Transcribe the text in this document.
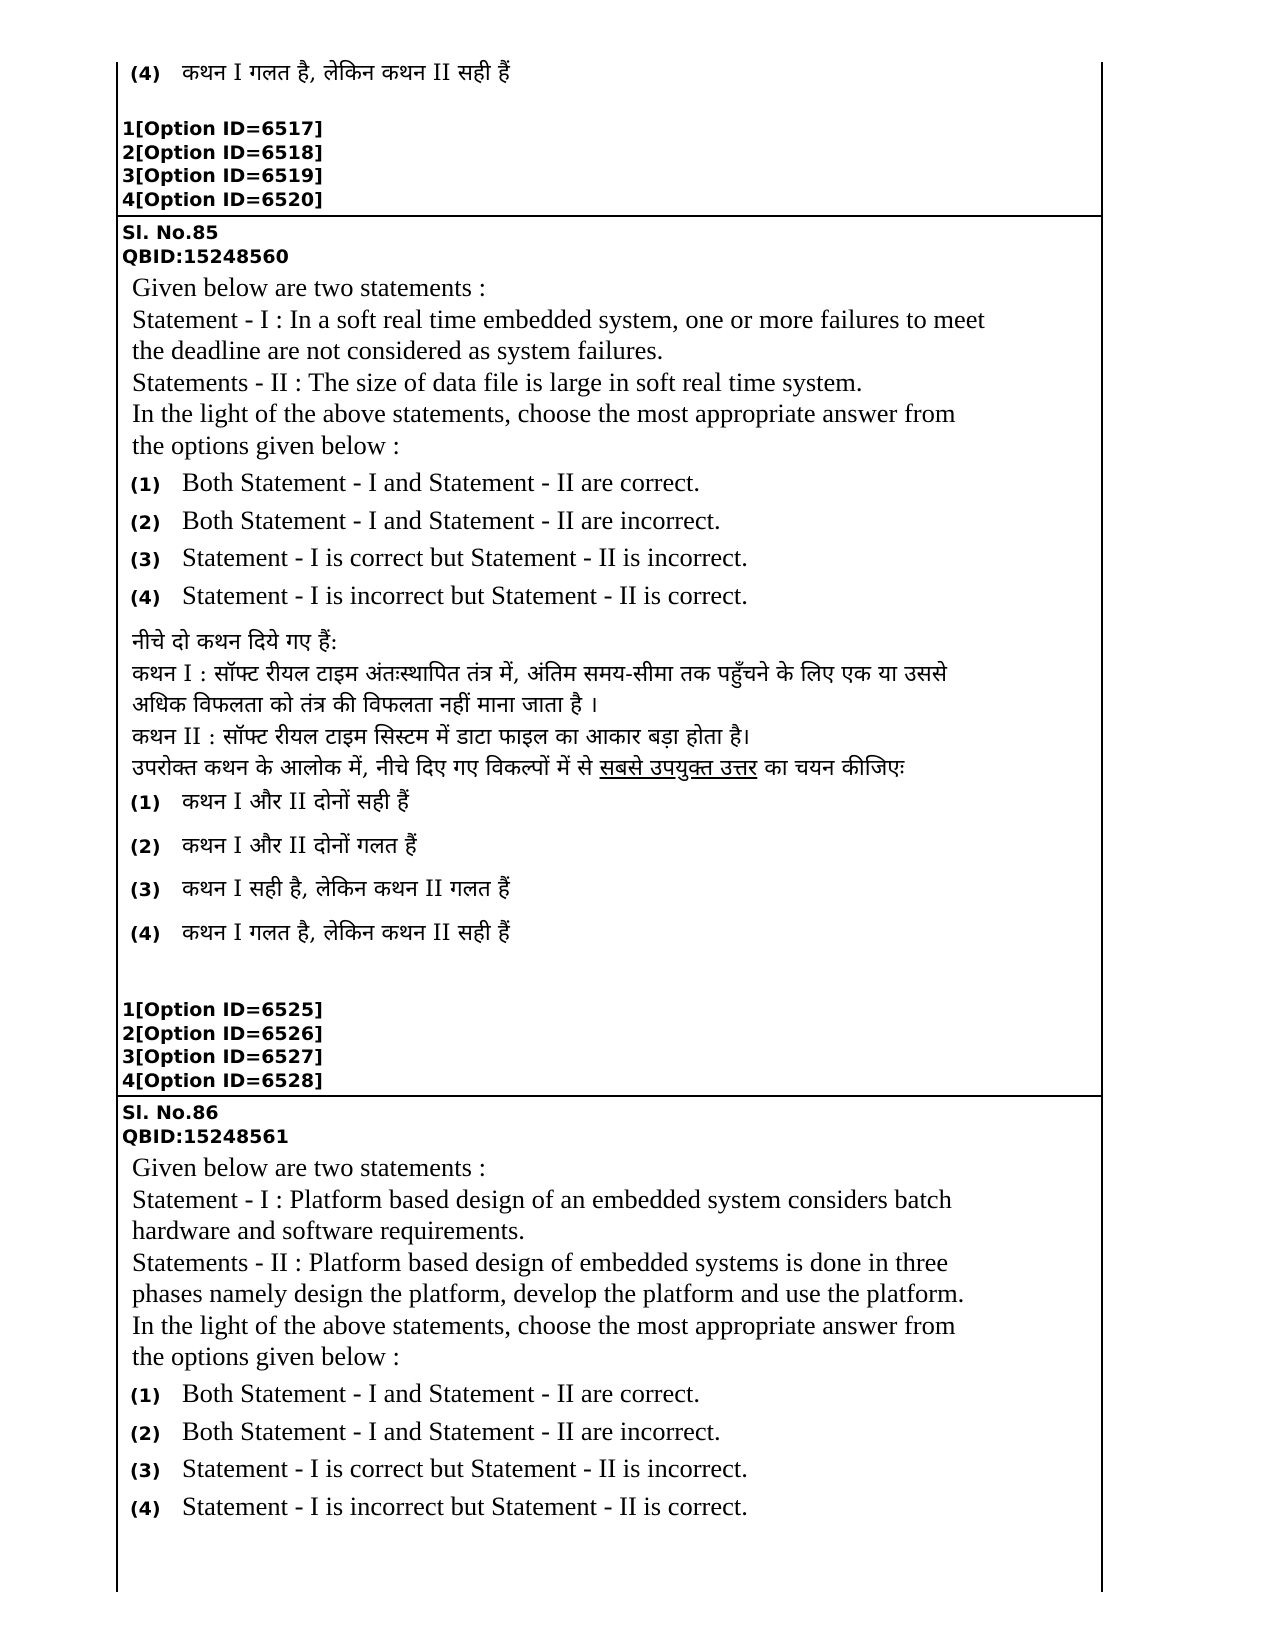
(4) कथन I गलत है, लेकिन कथन II सही हैं
1[Option ID=6517]
2[Option ID=6518]
3[Option ID=6519]
4[Option ID=6520]
Sl. No.85
QBID:15248560
Given below are two statements :
Statement - I : In a soft real time embedded system, one or more failures to meet
the deadline are not considered as system failures.
Statements - II : The size of data file is large in soft real time system.
In the light of the above statements, choose the most appropriate answer from
the options given below :
(1) Both Statement - I and Statement - II are correct.
(2) Both Statement - I and Statement - II are incorrect.
(3) Statement - I is correct but Statement - II is incorrect.
(4) Statement - I is incorrect but Statement - II is correct.
नीचे दो कथन दिये गए हैं:
कथन I : सॉफ्ट रीयल टाइम अंतःस्थापित तंत्र में, अंतिम समय-सीमा तक पहुँचने के लिए एक या उससे
अधिक विफलता को तंत्र की विफलता नहीं माना जाता है ।
कथन II : सॉफ्ट रीयल टाइम सिस्टम में डाटा फाइल का आकार बड़ा होता है।
उपरोक्त कथन के आलोक में, नीचे दिए गए विकल्पों में से सबसे उपयुक्त उत्तर का चयन कीजिएः
(1) कथन I और II दोनों सही हैं
(2) कथन I और II दोनों गलत हैं
(3) कथन I सही है, लेकिन कथन II गलत हैं
(4) कथन I गलत है, लेकिन कथन II सही हैं
1[Option ID=6525]
2[Option ID=6526]
3[Option ID=6527]
4[Option ID=6528]
Sl. No.86
QBID:15248561
Given below are two statements :
Statement - I : Platform based design of an embedded system considers batch
hardware and software requirements.
Statements - II : Platform based design of embedded systems is done in three
phases namely design the platform, develop the platform and use the platform.
In the light of the above statements, choose the most appropriate answer from
the options given below :
(1) Both Statement - I and Statement - II are correct.
(2) Both Statement - I and Statement - II are incorrect.
(3) Statement - I is correct but Statement - II is incorrect.
(4) Statement - I is incorrect but Statement - II is correct.
